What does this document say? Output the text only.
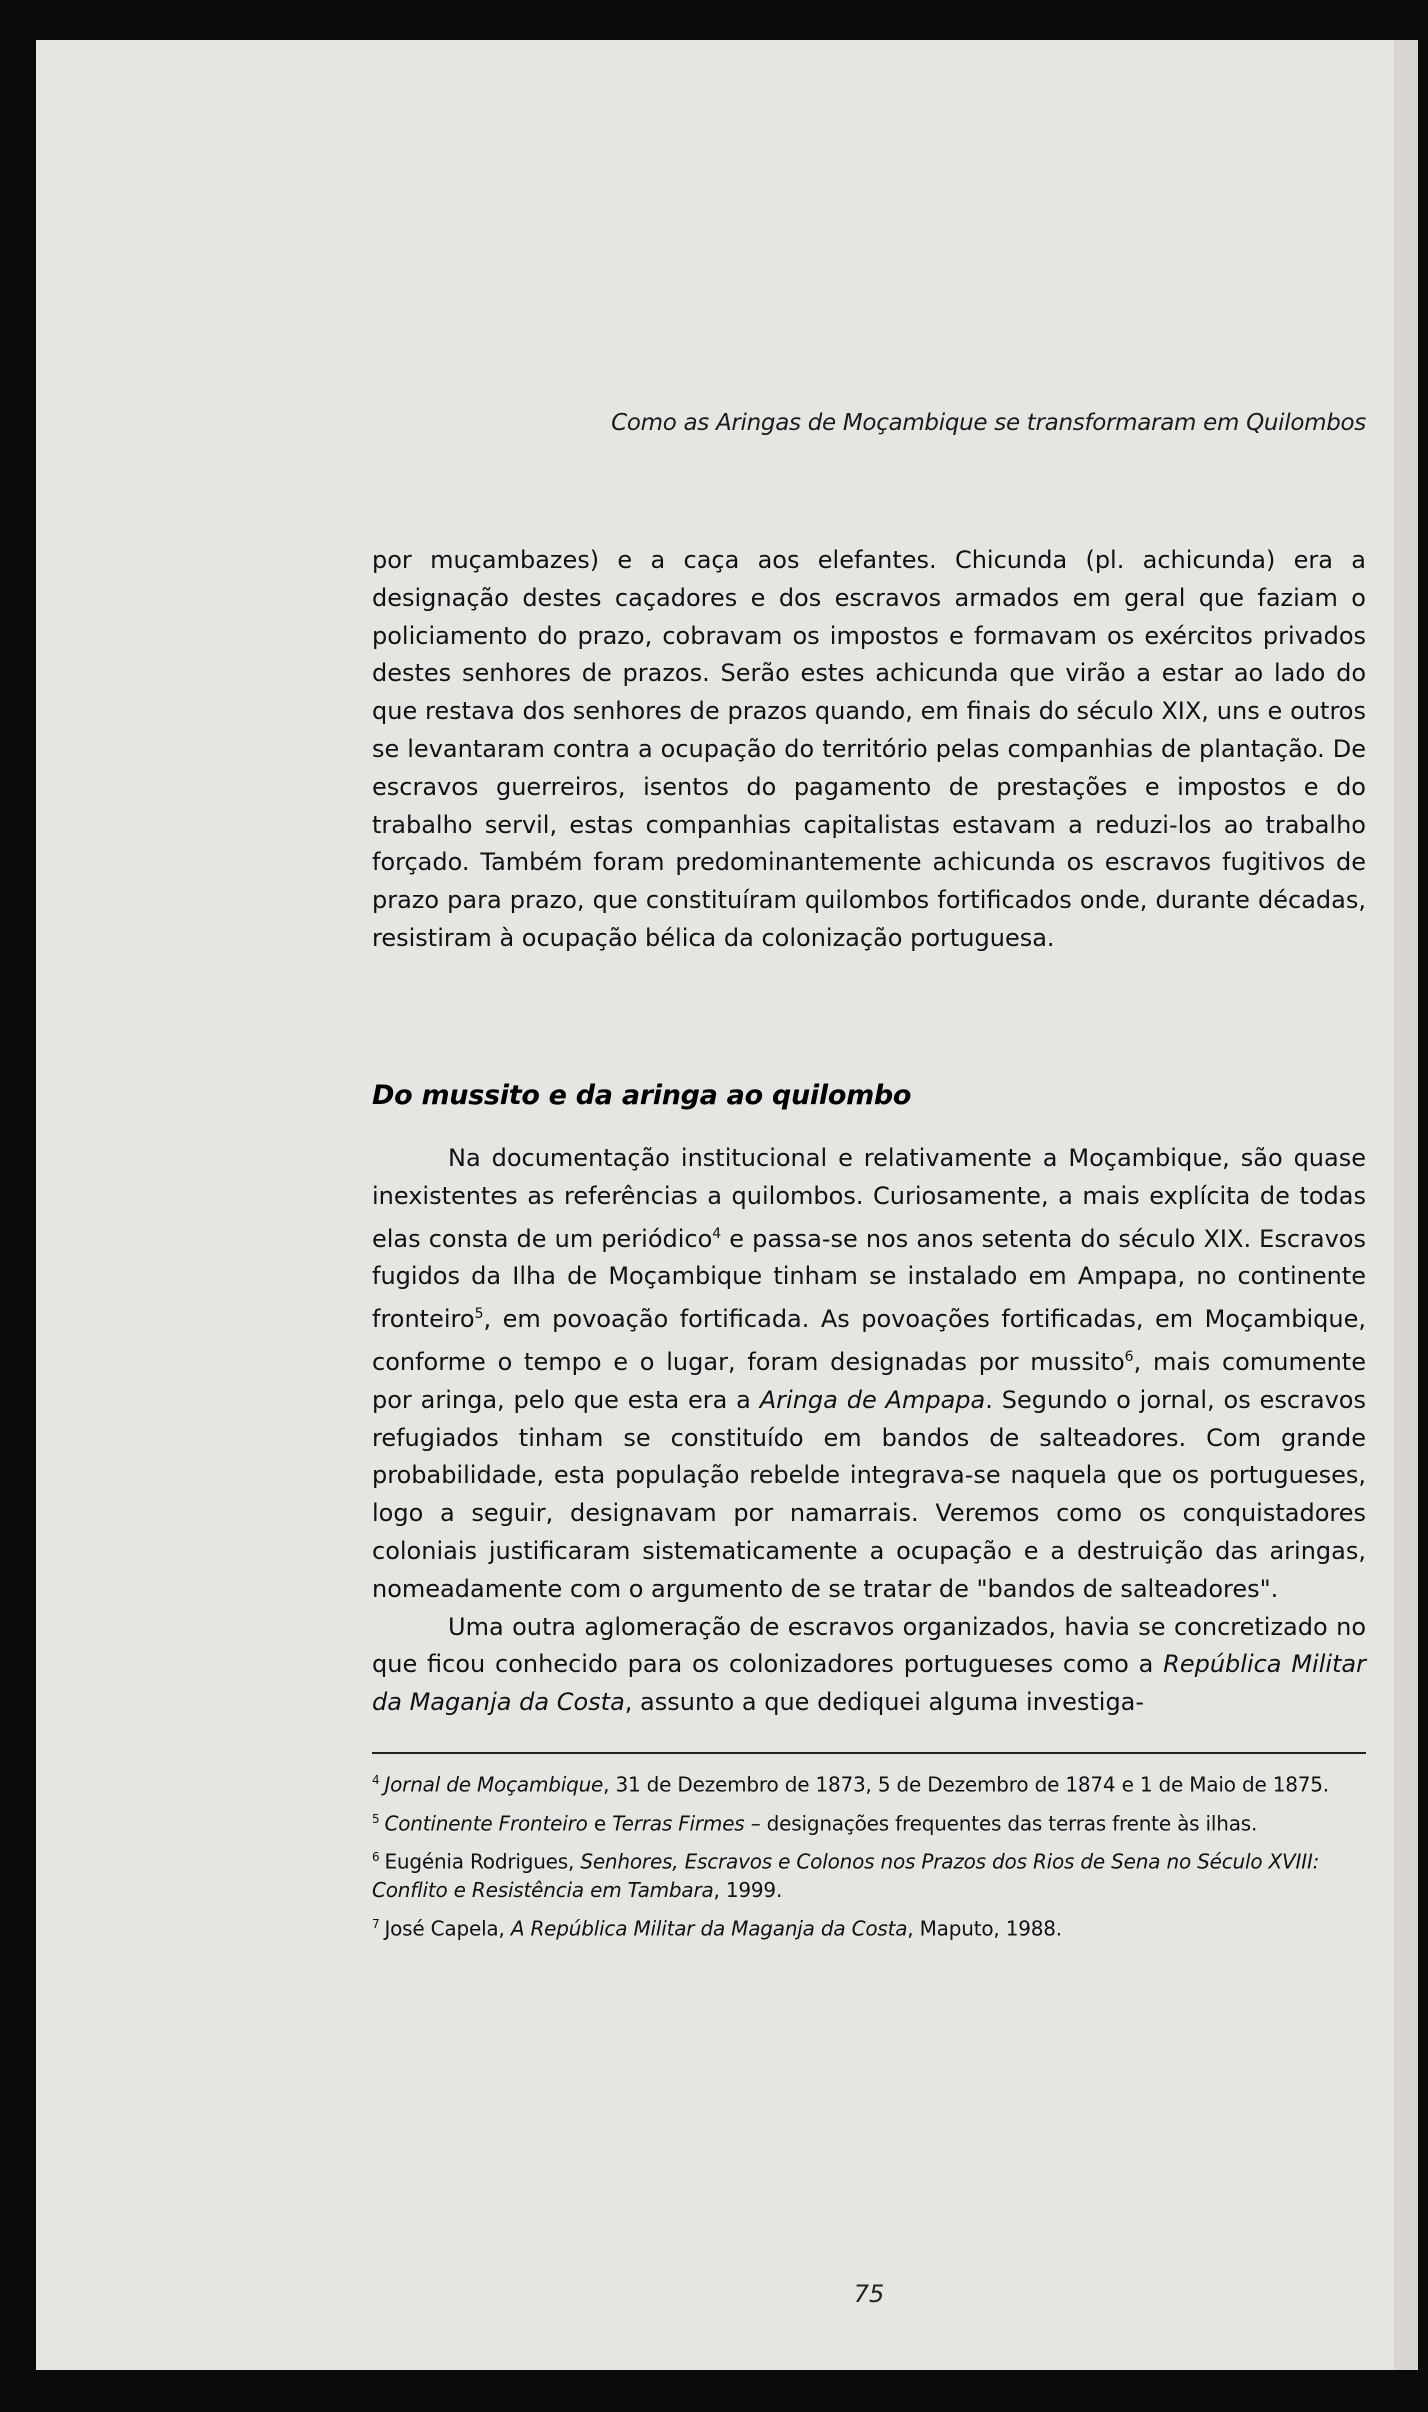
Como as Aringas de Moçambique se transformaram em Quilombos

por muçambazes) e a caça aos elefantes. Chicunda (pl. achicunda) era a designação destes caçadores e dos escravos armados em geral que faziam o policiamento do prazo, cobravam os impostos e formavam os exércitos privados destes senhores de prazos. Serão estes achicunda que virão a estar ao lado do que restava dos senhores de prazos quando, em finais do século XIX, uns e outros se levantaram contra a ocupação do território pelas companhias de plantação. De escravos guerreiros, isentos do pagamento de prestações e impostos e do trabalho servil, estas companhias capitalistas estavam a reduzi-los ao trabalho forçado. Também foram predominantemente achicunda os escravos fugitivos de prazo para prazo, que constituíram quilombos fortificados onde, durante décadas, resistiram à ocupação bélica da colonização portuguesa.

Do mussito e da aringa ao quilombo

Na documentação institucional e relativamente a Moçambique, são quase inexistentes as referências a quilombos. Curiosamente, a mais explícita de todas elas consta de um periódico$^4$ e passa-se nos anos setenta do século XIX. Escravos fugidos da Ilha de Moçambique tinham se instalado em Ampapa, no continente fronteiro$^5$, em povoação fortificada. As povoações fortificadas, em Moçambique, conforme o tempo e o lugar, foram designadas por mussito$^6$, mais comumente por aringa, pelo que esta era a Aringa de Ampapa. Segundo o jornal, os escravos refugiados tinham se constituído em bandos de salteadores. Com grande probabilidade, esta população rebelde integrava-se naquela que os portugueses, logo a seguir, designavam por namarrais. Veremos como os conquistadores coloniais justificaram sistematicamente a ocupação e a destruição das aringas, nomeadamente com o argumento de se tratar de "bandos de salteadores".

Uma outra aglomeração de escravos organizados, havia se concretizado no que ficou conhecido para os colonizadores portugueses como a República Militar da Maganja da Costa, assunto a que dediquei alguma investiga-

$^4$ Jornal de Moçambique, 31 de Dezembro de 1873, 5 de Dezembro de 1874 e 1 de Maio de 1875.

$^5$ Continente Fronteiro e Terras Firmes – designações frequentes das terras frente às ilhas.

$^6$ Eugénia Rodrigues, Senhores, Escravos e Colonos nos Prazos dos Rios de Sena no Século XVIII: Conflito e Resistência em Tambara, 1999.

$^7$ José Capela, A República Militar da Maganja da Costa, Maputo, 1988.

75
